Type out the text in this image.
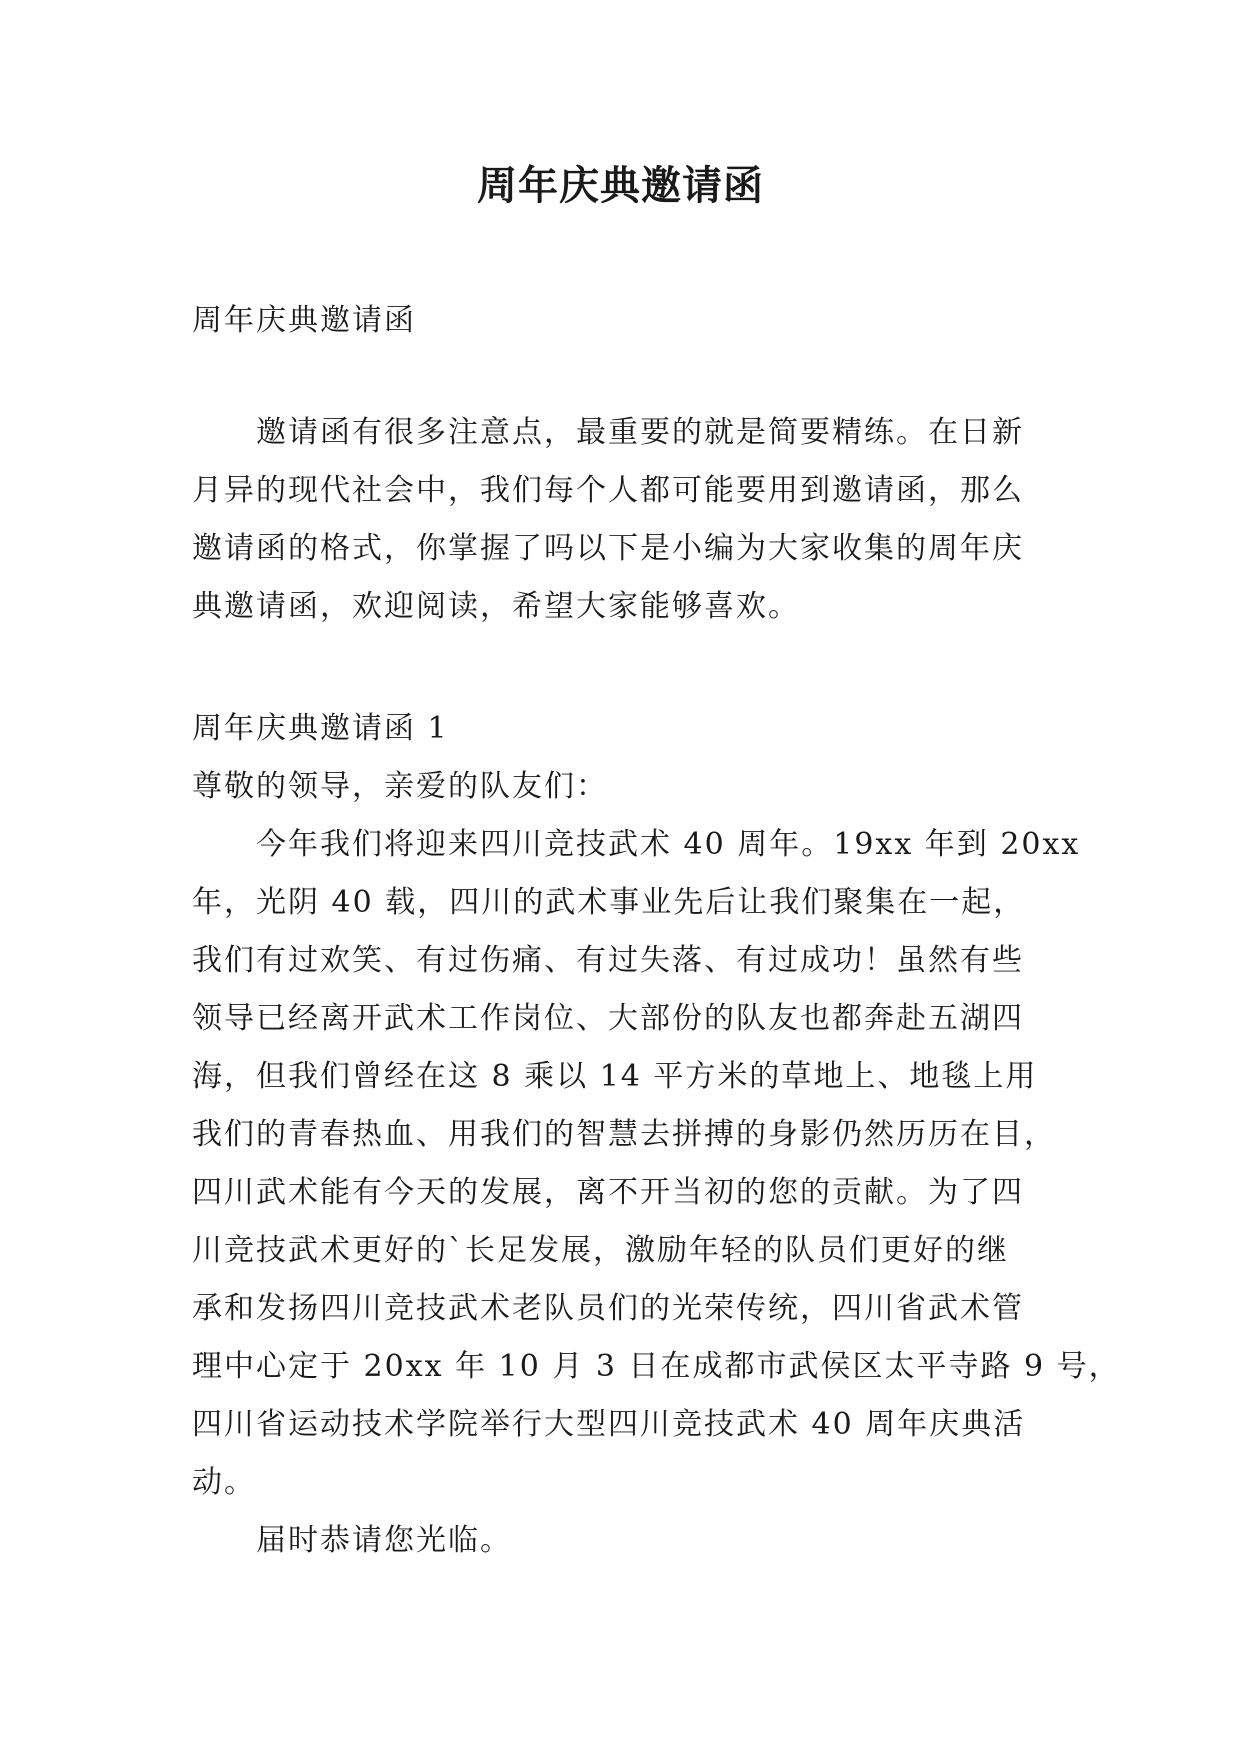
周年庆典邀请函

周年庆典邀请函

邀请函有很多注意点，最重要的就是简要精练。在日新
月异的现代社会中，我们每个人都可能要用到邀请函，那么
邀请函的格式，你掌握了吗以下是小编为大家收集的周年庆
典邀请函，欢迎阅读，希望大家能够喜欢。

周年庆典邀请函 1

尊敬的领导，亲爱的队友们：

今年我们将迎来四川竞技武术 40 周年。19xx 年到 20xx
年，光阴 40 载，四川的武术事业先后让我们聚集在一起，
我们有过欢笑、有过伤痛、有过失落、有过成功！虽然有些
领导已经离开武术工作岗位、大部份的队友也都奔赴五湖四
海，但我们曾经在这 8 乘以 14 平方米的草地上、地毯上用
我们的青春热血、用我们的智慧去拼搏的身影仍然历历在目，
四川武术能有今天的发展，离不开当初的您的贡献。为了四
川竞技武术更好的`长足发展，激励年轻的队员们更好的继
承和发扬四川竞技武术老队员们的光荣传统，四川省武术管
理中心定于 20xx 年 10 月 3 日在成都市武侯区太平寺路 9 号，
四川省运动技术学院举行大型四川竞技武术 40 周年庆典活
动。

届时恭请您光临。
